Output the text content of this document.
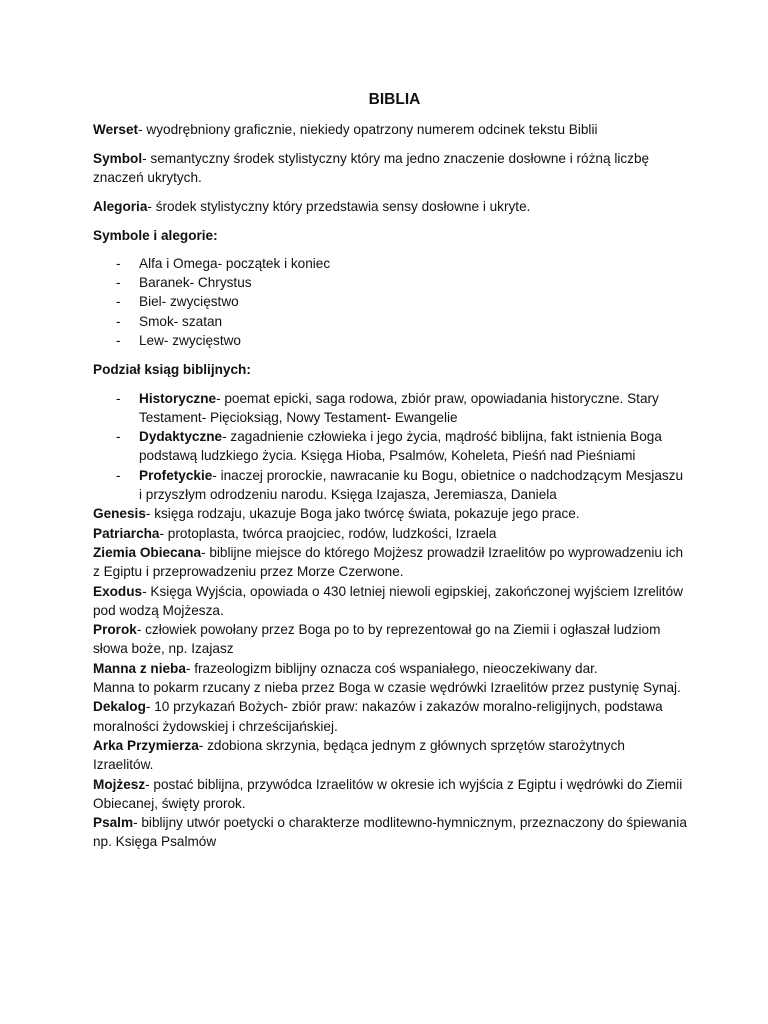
BIBLIA

Werset- wyodrębniony graficznie, niekiedy opatrzony numerem odcinek tekstu Biblii

Symbol- semantyczny środek stylistyczny który ma jedno znaczenie dosłowne i różną liczbę znaczeń ukrytych.

Alegoria- środek stylistyczny który przedstawia sensy dosłowne i ukryte.

Symbole i alegorie:

- Alfa i Omega- początek i koniec
- Baranek- Chrystus
- Biel- zwycięstwo
- Smok- szatan
- Lew- zwycięstwo

Podział ksiąg biblijnych:

- Historyczne- poemat epicki, saga rodowa, zbiór praw, opowiadania historyczne. Stary Testament- Pięcioksiąg, Nowy Testament- Ewangelie
- Dydaktyczne- zagadnienie człowieka i jego życia, mądrość biblijna, fakt istnienia Boga podstawą ludzkiego życia. Księga Hioba, Psalmów, Koheleta, Pieśń nad Pieśniami
- Profetyckie- inaczej prorockie, nawracanie ku Bogu, obietnice o nadchodzącym Mesjaszu i przyszłym odrodzeniu narodu. Księga Izajasza, Jeremiasza, Daniela

Genesis- księga rodzaju, ukazuje Boga jako twórcę świata, pokazuje jego prace.

Patriarcha- protoplasta, twórca praojciec, rodów, ludzkości, Izraela

Ziemia Obiecana- biblijne miejsce do którego Mojżesz prowadził Izraelitów po wyprowadzeniu ich z Egiptu i przeprowadzeniu przez Morze Czerwone.

Exodus- Księga Wyjścia, opowiada o 430 letniej niewoli egipskiej, zakończonej wyjściem Izrelitów pod wodzą Mojżesza.

Prorok- człowiek powołany przez Boga po to by reprezentował go na Ziemii i ogłaszał ludziom słowa boże, np. Izajasz

Manna z nieba- frazeologizm biblijny oznacza coś wspaniałego, nieoczekiwany dar.

Manna to pokarm rzucany z nieba przez Boga w czasie wędrówki Izraelitów przez pustynię Synaj.

Dekalog- 10 przykazań Bożych- zbiór praw: nakazów i zakazów moralno-religijnych, podstawa moralności żydowskiej i chrześcijańskiej.

Arka Przymierza- zdobiona skrzynia, będąca jednym z głównych sprzętów starożytnych Izraelitów.

Mojżesz- postać biblijna, przywódca Izraelitów w okresie ich wyjścia z Egiptu i wędrówki do Ziemii Obiecanej, święty prorok.

Psalm- biblijny utwór poetycki o charakterze modlitewno-hymnicznym, przeznaczony do śpiewania np. Księga Psalmów
